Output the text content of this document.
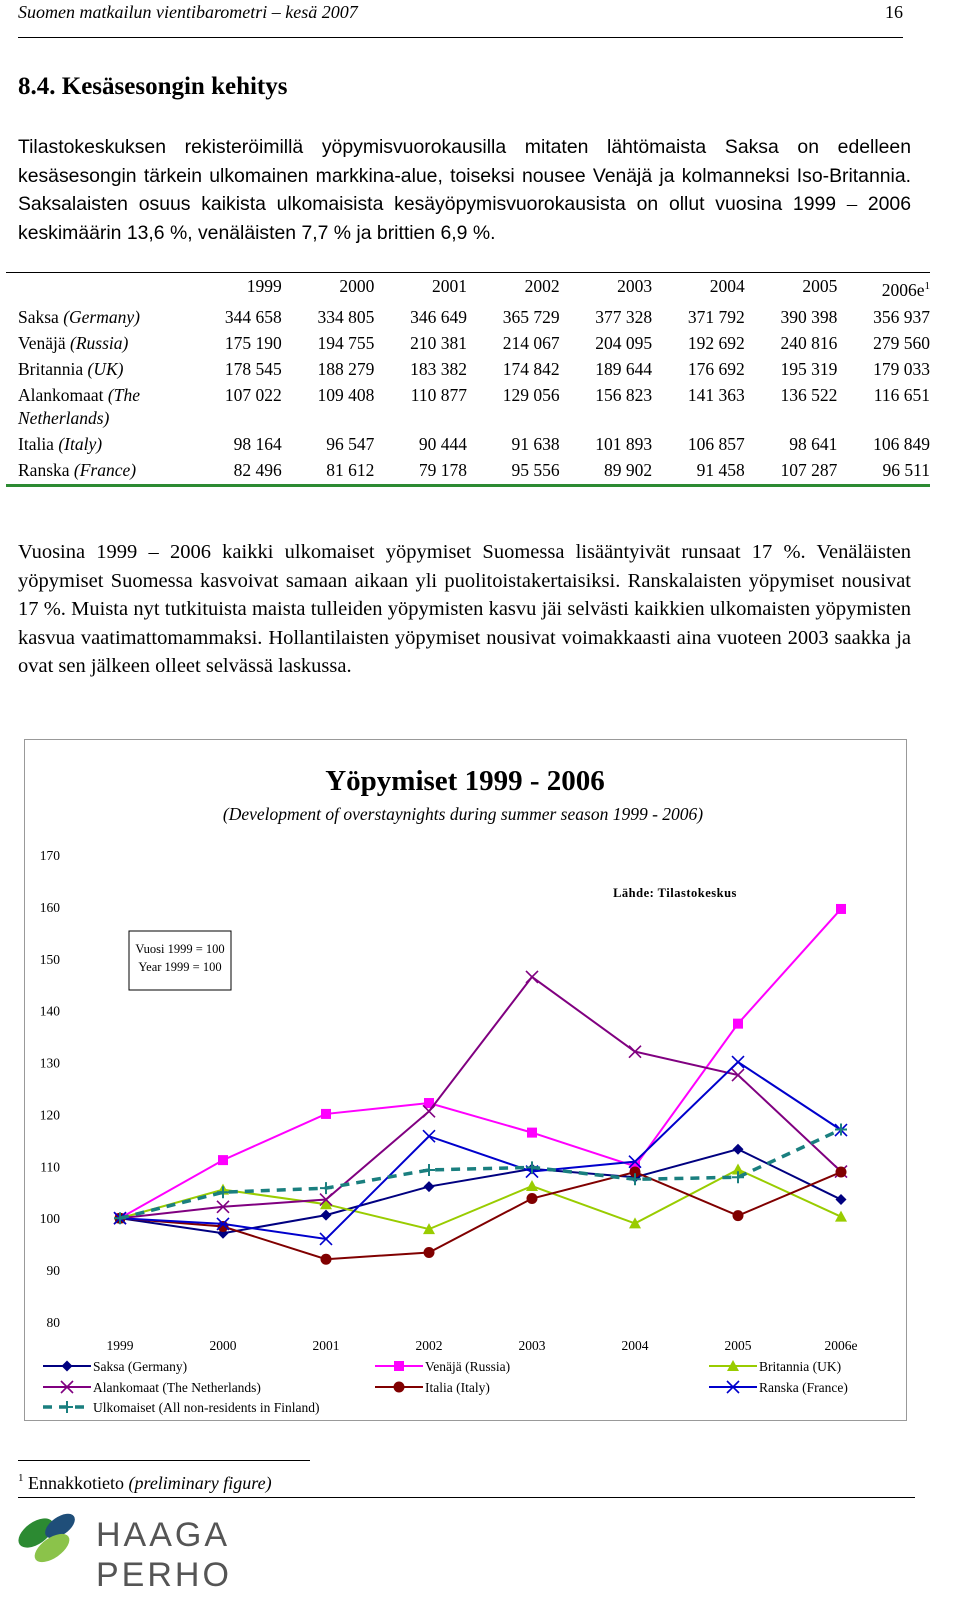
Suomen matkailun vientibarometri – kesä 2007	16
8.4. Kesäsesongin kehitys

Tilastokeskuksen rekisteröimillä yöpymisvuorokausilla mitaten lähtömaista Saksa on edelleen kesäsesongin tärkein ulkomainen markkina-alue, toiseksi nousee Venäjä ja kolmanneksi Iso-Britannia. Saksalaisten osuus kaikista ulkomaisista kesäyöpymisvuorokausista on ollut vuosina 1999 – 2006 keskimäärin 13,6 %, venäläisten 7,7 % ja brittien 6,9 %.

	1999	2000	2001	2002	2003	2004	2005	$2006e^1$
Saksa (Germany)	344 658	334 805	346 649	365 729	377 328	371 792	390 398	356 937
Venäjä (Russia)	175 190	194 755	210 381	214 067	204 095	192 692	240 816	279 560
Britannia (UK)	178 545	188 279	183 382	174 842	189 644	176 692	195 319	179 033
Alankomaat (The Netherlands)	107 022	109 408	110 877	129 056	156 823	141 363	136 522	116 651
Italia (Italy)	98 164	96 547	90 444	91 638	101 893	106 857	98 641	106 849
Ranska (France)	82 496	81 612	79 178	95 556	89 902	91 458	107 287	96 511

Vuosina 1999 – 2006 kaikki ulkomaiset yöpymiset Suomessa lisääntyivät runsaat 17 %. Venäläisten yöpymiset Suomessa kasvoivat samaan aikaan yli puolitoistakertaisiksi. Ranskalaisten yöpymiset nousivat 17 %. Muista nyt tutkituista maista tulleiden yöpymisten kasvu jäi selvästi kaikkien ulkomaisten yöpymisten kasvua vaatimattomammaksi. Hollantilaisten yöpymiset nousivat voimakkaasti aina vuoteen 2003 saakka ja ovat sen jälkeen olleet selvässä laskussa.

Yöpymiset 1999 - 2006
(Development of overstaynights during summer season 1999 - 2006)
80
90
100
110
120
130
140
150
160
170
1999	2000	2001	2002	2003	2004	2005	2006e
Lähde: Tilastokeskus
Vuosi 1999 = 100
Year 1999 = 100
Saksa (Germany)	Venäjä (Russia)	Britannia (UK)
Alankomaat (The Netherlands)	Italia (Italy)	Ranska (France)
Ulkomaiset (All non-residents in Finland)
$^1$ Ennakkotieto (preliminary figure)
HAAGA
PERHO
